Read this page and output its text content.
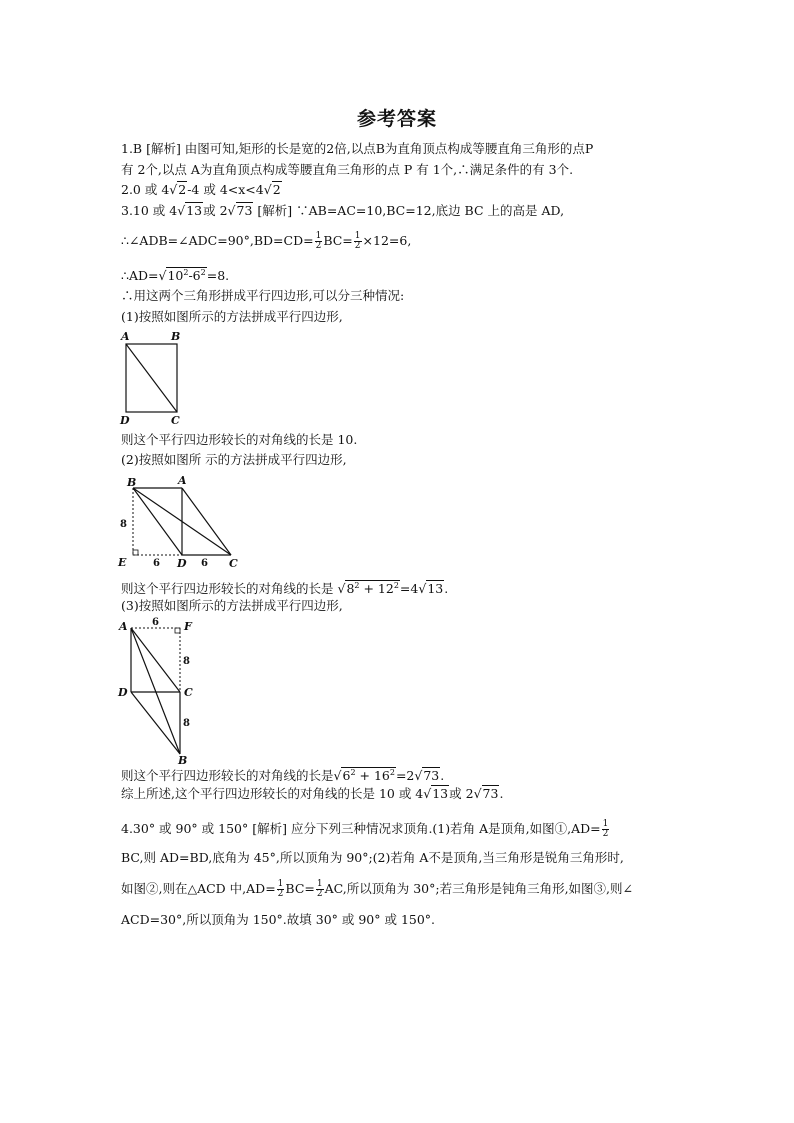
参考答案
1.B [解析] 由图可知,矩形的长是宽的2倍,以点B为直角顶点构成等腰直角三角形的点P
有 2个,以点 A为直角顶点构成等腰直角三角形的点 P 有 1个,∴满足条件的有 3个.
2.0 或 4√2-4 或 4<x<4√2
3.10 或 4√13或 2√73 [解析] ∵AB=AC=10,BC=12,底边 BC 上的高是 AD,
∴∠ADB=∠ADC=90°,BD=CD= $\frac{1}{2} BC= \frac{1}{2} \times 12=6$,
$\therefore AD=√10^2-6^2=8$.
∴用这两个三角形拼成平行四边形,可以分三种情况:
(1)按照如图所示的方法拼成平行四边形,
A	B
D	C
则这个平行四边形较长的对角线的长是 10.
(2)按照如图所 示的方法拼成平行四边形,
B	A
E	D	C
8
6	6
则这个平行四边形较长的对角线的长是 $√8^2 + 12^2=4√13$.
(3)按照如图所示的方法拼成平行四边形,
A	F
D	C
B
6
8
8
则这个平行四边形较长的对角线的长是$√6^2 + 16^2=2√73$.
综上所述,这个平行四边形较长的对角线的长是 10 或 4√13或 2√73.
4.30° 或 90° 或 150° [解析] 应分下列三种情况求顶角.(1)若角 A是顶角,如图①,AD= $\frac{1}{2}$
BC,则 AD=BD,底角为 45°,所以顶角为 90°;(2)若角 A不是顶角,当三角形是锐角三角形时,
如图②,则在△ACD 中$,AD= \frac{1}{2} BC= \frac{1}{2}$ AC,所以顶角为 30°;若三角形是钝角三角形,如图③,则∠
ACD=30°,所以顶角为 150°.故填 30° 或 90° 或 150°.
